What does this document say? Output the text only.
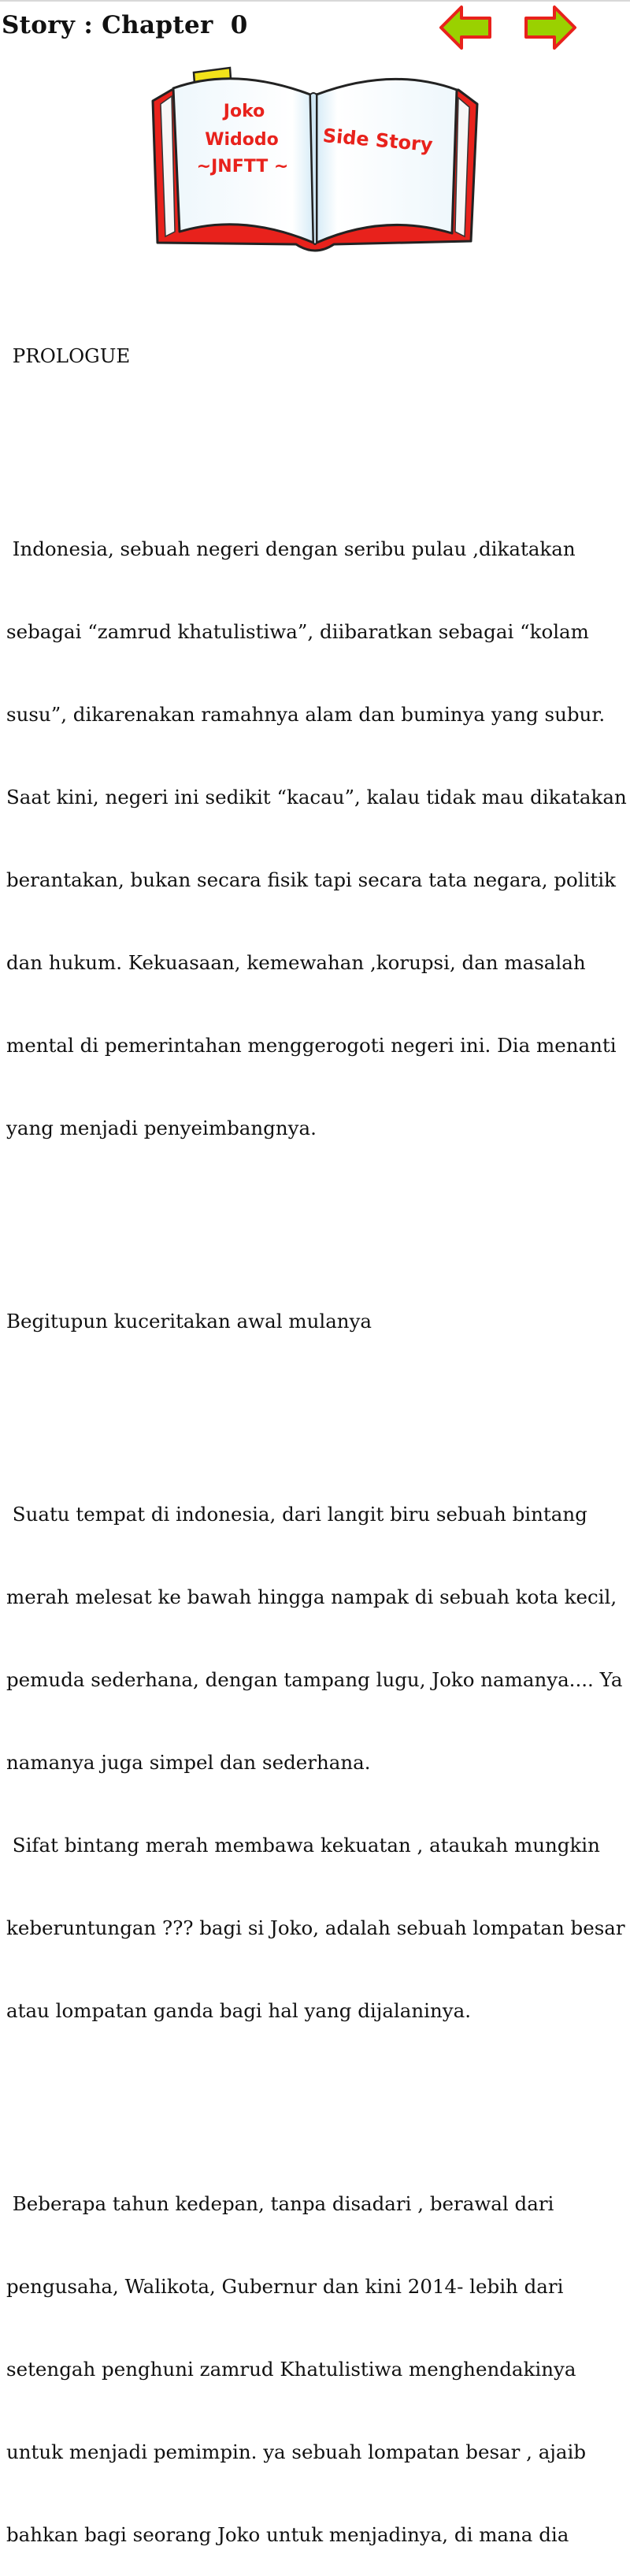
Story : Chapter  0
Joko
Widodo
~JNFTT ~
Side Story

PROLOGUE

Indonesia, sebuah negeri dengan seribu pulau ,dikatakan

sebagai “zamrud khatulistiwa”, diibaratkan sebagai “kolam

susu”, dikarenakan ramahnya alam dan buminya yang subur.

Saat kini, negeri ini sedikit “kacau”, kalau tidak mau dikatakan

berantakan, bukan secara fisik tapi secara tata negara, politik

dan hukum. Kekuasaan, kemewahan ,korupsi, dan masalah

mental di pemerintahan menggerogoti negeri ini. Dia menanti

yang menjadi penyeimbangnya.

Begitupun kuceritakan awal mulanya

Suatu tempat di indonesia, dari langit biru sebuah bintang

merah melesat ke bawah hingga nampak di sebuah kota kecil,

pemuda sederhana, dengan tampang lugu, Joko namanya.... Ya

namanya juga simpel dan sederhana.

Sifat bintang merah membawa kekuatan , ataukah mungkin

keberuntungan ??? bagi si Joko, adalah sebuah lompatan besar

atau lompatan ganda bagi hal yang dijalaninya.

Beberapa tahun kedepan, tanpa disadari , berawal dari

pengusaha, Walikota, Gubernur dan kini 2014- lebih dari

setengah penghuni zamrud Khatulistiwa menghendakinya

untuk menjadi pemimpin. ya sebuah lompatan besar , ajaib

bahkan bagi seorang Joko untuk menjadinya, di mana dia
